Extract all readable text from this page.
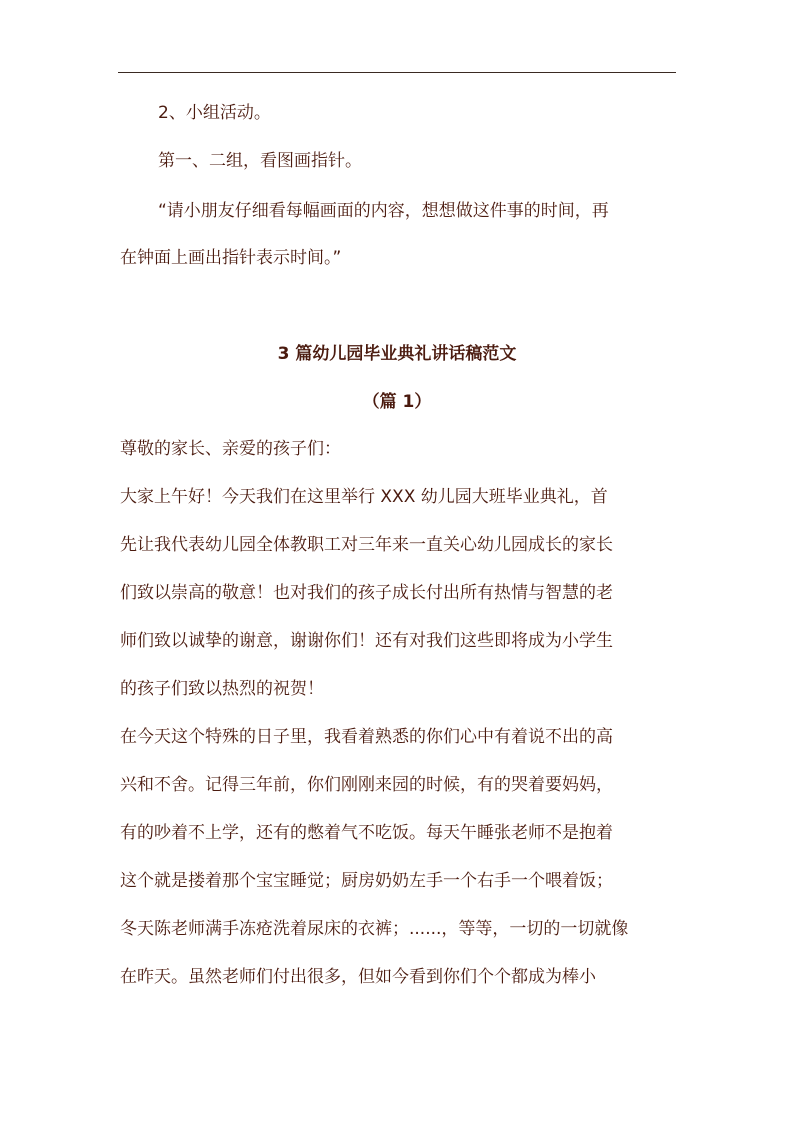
2、小组活动。
第一、二组，看图画指针。
“请小朋友仔细看每幅画面的内容，想想做这件事的时间，再
在钟面上画出指针表示时间。”
3 篇幼儿园毕业典礼讲话稿范文
（篇 1）
尊敬的家长、亲爱的孩子们：
大家上午好！今天我们在这里举行 XXX 幼儿园大班毕业典礼，首
先让我代表幼儿园全体教职工对三年来一直关心幼儿园成长的家长
们致以崇高的敬意！也对我们的孩子成长付出所有热情与智慧的老
师们致以诚挚的谢意，谢谢你们！还有对我们这些即将成为小学生
的孩子们致以热烈的祝贺！
在今天这个特殊的日子里，我看着熟悉的你们心中有着说不出的高
兴和不舍。记得三年前，你们刚刚来园的时候，有的哭着要妈妈，
有的吵着不上学，还有的憋着气不吃饭。每天午睡张老师不是抱着
这个就是搂着那个宝宝睡觉；厨房奶奶左手一个右手一个喂着饭；
冬天陈老师满手冻疮洗着尿床的衣裤；......，等等，一切的一切就像
在昨天。虽然老师们付出很多，但如今看到你们个个都成为棒小
